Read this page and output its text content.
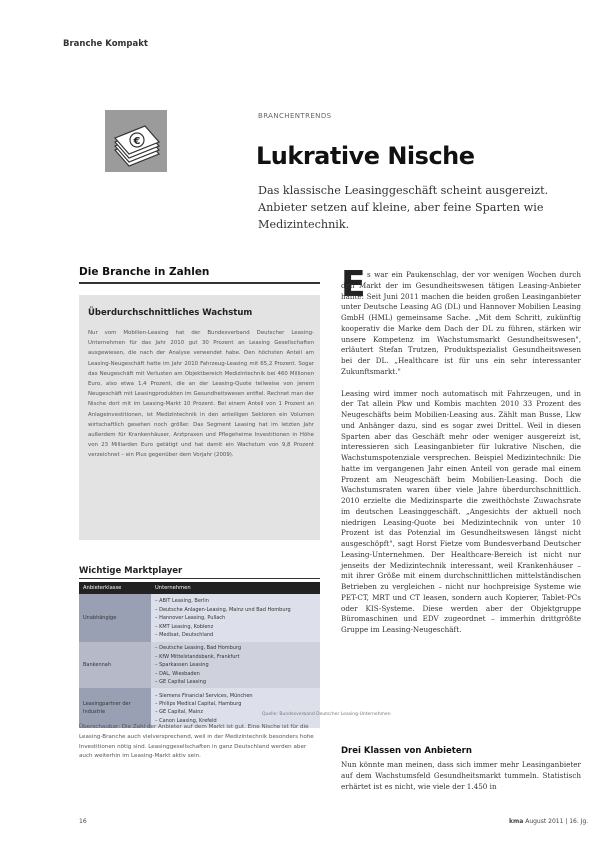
Branche Kompakt
€
BRANCHENTRENDS
Lukrative Nische
Das klassische Leasinggeschäft scheint ausgereizt. Anbieter setzen auf kleine, aber feine Sparten wie Medizintechnik.
Die Branche in Zahlen
Überdurchschnittliches Wachstum
Nur vom Mobilien-Leasing hat der Bundesverband Deutscher Leasing-Unternehmen für das Jahr 2010 gut 30 Prozent an Leasing Gesellschaften ausgewiesen, die nach der Analyse verwendet habe. Den höchsten Anteil am Leasing-Neugeschäft hatte im Jahr 2010 Fahrzeug-Leasing mit 65,2 Prozent. Sogar das Neugeschäft mit Verlusten am Objektbereich Medizintechnik bei 460 Millionen Euro, also etwa 1,4 Prozent, die an der Leasing-Quote teilweise von jenem Neugeschäft mit Leasingprodukten im Gesundheitswesen entfiel. Rechnet man der Nische dort mit im Leasing-Markt 10 Prozent. Bei einem Anteil von 1 Prozent an Anlageinvestitionen, ist Medizintechnik in den anteiligen Sektoren ein Volumen wirtschaftlich gesehen noch größer. Das Segment Leasing hat im letzten Jahr außerdem für Krankenhäuser, Arztpraxen und Pflegeheime Investitionen in Höhe von 23 Milliarden Euro getätigt und hat damit ein Wachstum von 9,8 Prozent verzeichnet – ein Plus gegenüber dem Vorjahr (2009).
Wichtige Marktplayer
Anbieterklasse	Unternehmen
Unabhängige	– ABIT Leasing, Berlin
– Deutsche Anlagen-Leasing, Mainz und Bad Homburg
– Hannover Leasing, Pullach
– KMT Leasing, Koblenz
– Medisat, Deutschland
Bankennah	– Deutsche Leasing, Bad Homburg
– KfW Mittelstandsbank, Frankfurt
– Sparkassen Leasing
– DAL, Wiesbaden
– GE Capital Leasing
Leasingpartner der Industrie	– Siemens Financial Services, München
– Philips Medical Capital, Hamburg
– GE Capital, Mainz
– Canon Leasing, Krefeld
Quelle: Bundesverband Deutscher Leasing-Unternehmen
Überschaubar: Die Zahl der Anbieter auf dem Markt ist gut. Eine Nische ist für die Leasing-Branche auch vielversprechend, weil in der Medizintechnik besonders hohe Investitionen nötig sind. Leasinggesellschaften in ganz Deutschland werden aber auch weiterhin im Leasing-Markt aktiv sein.
E s war ein Paukenschlag, der vor wenigen Wochen durch den Markt der im Gesundheitswesen tätigen Leasing-Anbieter hallte: Seit Juni 2011 machen die beiden großen Leasinganbieter unter Deutsche Leasing AG (DL) und Hannover Mobilien Leasing GmbH (HML) gemeinsame Sache. „Mit dem Schritt, zukünftig kooperativ die Marke dem Dach der DL zu führen, stärken wir unsere Kompetenz im Wachstumsmarkt Gesundheitswesen", erläutert Stefan Trutzen, Produktspezialist Gesundheitswesen bei der DL. „Healthcare ist für uns ein sehr interessanter Zukunftsmarkt."

Leasing wird immer noch automatisch mit Fahrzeugen, und in der Tat allein Pkw und Kombis machten 2010 33 Prozent des Neugeschäfts beim Mobilien-Leasing aus. Zählt man Busse, Lkw und Anhänger dazu, sind es sogar zwei Drittel. Weil in diesen Sparten aber das Geschäft mehr oder weniger ausgereizt ist, interessieren sich Leasinganbieter für lukrative Nischen, die Wachstumspotenziale versprechen. Beispiel Medizintechnik: Die hatte im vergangenen Jahr einen Anteil von gerade mal einem Prozent am Neugeschäft beim Mobilien-Leasing. Doch die Wachstumsraten waren über viele Jahre überdurchschnittlich. 2010 erzielte die Medizinsparte die zweithöchste Zuwachsrate im deutschen Leasinggeschäft. „Angesichts der aktuell noch niedrigen Leasing-Quote bei Medizintechnik von unter 10 Prozent ist das Potenzial im Gesundheitswesen längst nicht ausgeschöpft", sagt Horst Fietze vom Bundesverband Deutscher Leasing-Unternehmen. Der Healthcare-Bereich ist nicht nur jenseits der Medizintechnik interessant, weil Krankenhäuser – mit ihrer Größe mit einem durchschnittlichen mittelständischen Betrieben zu vergleichen – nicht nur hochpreisige Systeme wie PET-CT, MRT und CT leasen, sondern auch Kopierer, Tablet-PCs oder KIS-Systeme. Diese werden aber der Objektgruppe Büromaschinen und EDV zugeordnet – immerhin drittgrößte Gruppe im Leasing-Neugeschäft.

Drei Klassen von Anbietern
Nun könnte man meinen, dass sich immer mehr Leasinganbieter auf dem Wachstumsfeld Gesundheitsmarkt tummeln. Statistisch erhärtet ist es nicht, wie viele der 1.450 in
16	kma August 2011 | 16. Jg.
